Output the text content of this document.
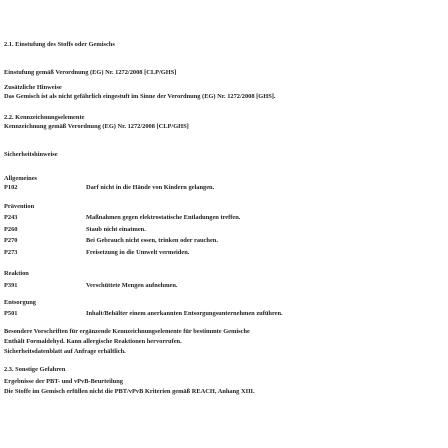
2.1. Einstufung des Stoffs oder Gemischs
Einstufung gemäß Verordnung (EG) Nr. 1272/2008 [CLP/GHS]
Zusätzliche Hinweise
Das Gemisch ist als nicht gefährlich eingestuft im Sinne der Verordnung (EG) Nr. 1272/2008 [GHS].
2.2. Kennzeichnungselemente
Kennzeichnung gemäß Verordnung (EG) Nr. 1272/2008 [CLP/GHS]
Sicherheitshinweise
Allgemeines
P102	Darf nicht in die Hände von Kindern gelangen.
Prävention
P243	Maßnahmen gegen elektrostatische Entladungen treffen.
P260	Staub nicht einatmen.
P270	Bei Gebrauch nicht essen, trinken oder rauchen.
P273	Freisetzung in die Umwelt vermeiden.
Reaktion
P391	Verschüttete Mengen aufnehmen.
Entsorgung
P501	Inhalt/Behälter einem anerkannten Entsorgungsunternehmen zuführen.
Besondere Vorschriften für ergänzende Kennzeichnungselemente für bestimmte Gemische
Enthält Formaldehyd. Kann allergische Reaktionen hervorrufen.
Sicherheitsdatenblatt auf Anfrage erhältlich.
2.3. Sonstige Gefahren
Ergebnisse der PBT- und vPvB-Beurteilung
Die Stoffe im Gemisch erfüllen nicht die PBT/vPvB Kriterien gemäß REACH, Anhang XIII.
